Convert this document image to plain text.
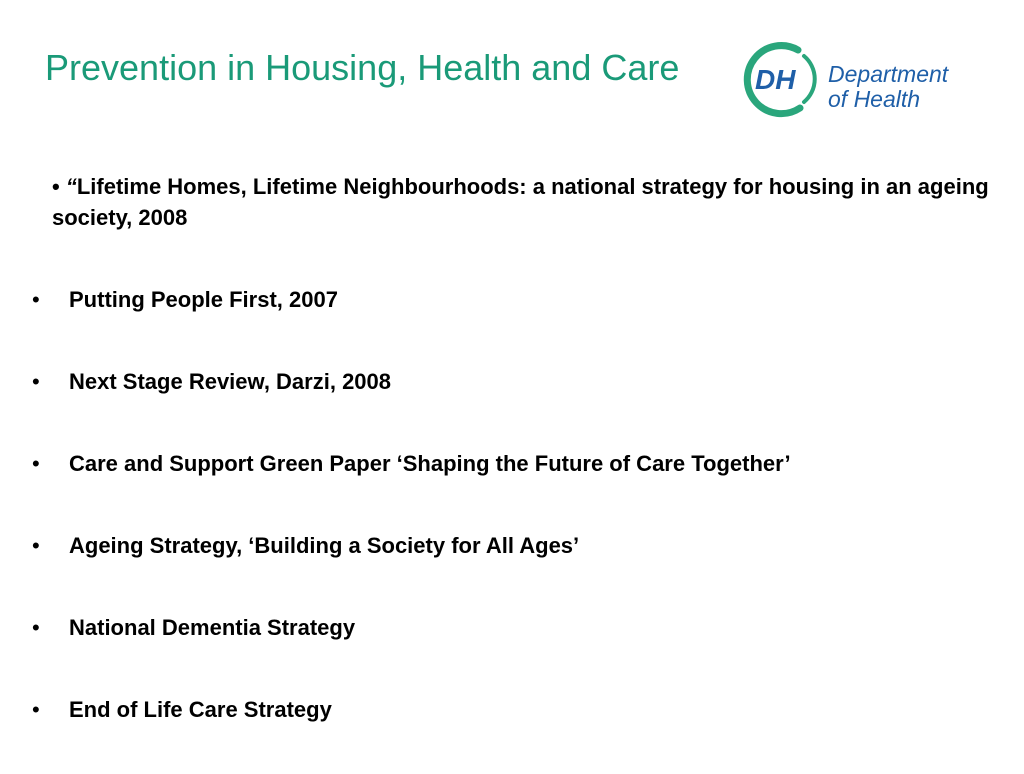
Prevention in Housing, Health and Care	DH Department
of Health

• “Lifetime Homes, Lifetime Neighbourhoods: a national strategy for housing in an ageing society, 2008

• Putting People First, 2007
• Next Stage Review, Darzi, 2008
• Care and Support Green Paper ‘Shaping the Future of Care Together’
• Ageing Strategy, ‘Building a Society for All Ages’
• National Dementia Strategy
• End of Life Care Strategy
